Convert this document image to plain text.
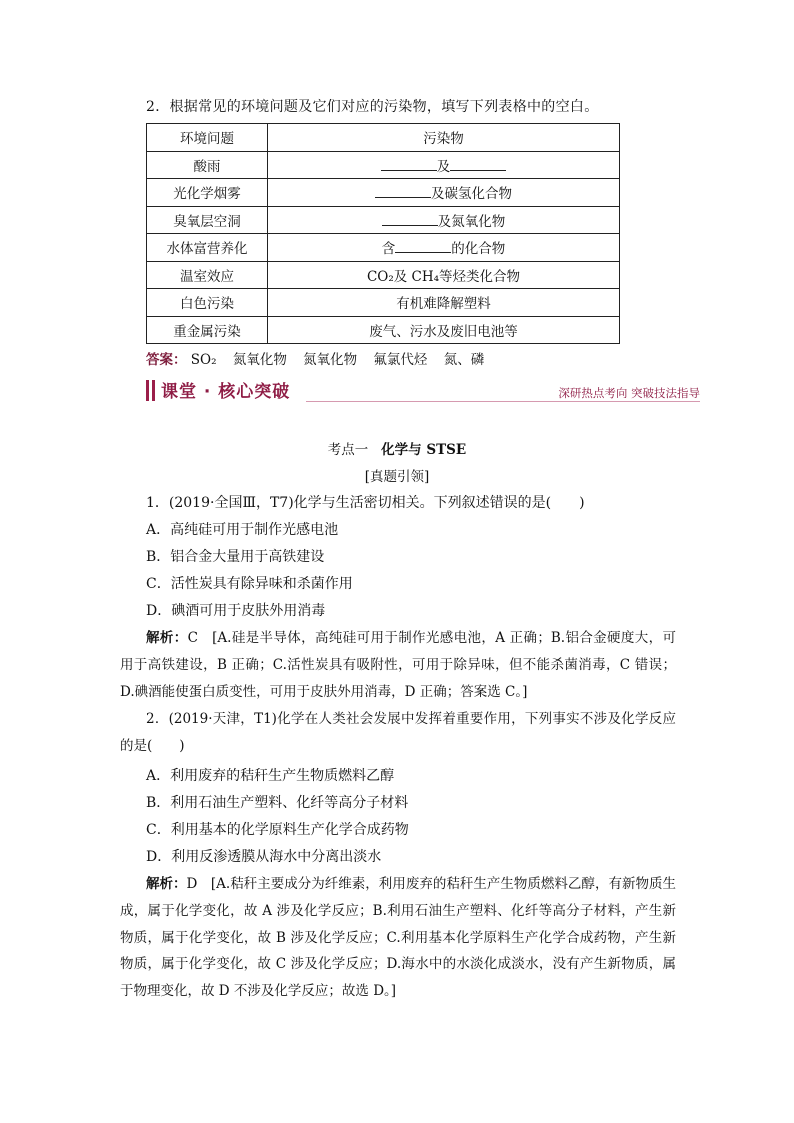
2．根据常见的环境问题及它们对应的污染物，填写下列表格中的空白。
环境问题	污染物
酸雨	及
光化学烟雾	及碳氢化合物
臭氧层空洞	及氮氧化物
水体富营养化	含 的化合物
温室效应	CO₂及 CH₄等烃类化合物
白色污染	有机难降解塑料
重金属污染	废气、污水及废旧电池等
答案： SO₂ 氮氧化物 氮氧化物 氟氯代烃 氮、磷
课堂 · 核心突破	深研热点考向 突破技法指导
考点一 化学与 STSE
[真题引领]
1．(2019·全国Ⅲ，T7)化学与生活密切相关。下列叙述错误的是(　　)
A．高纯硅可用于制作光感电池
B．铝合金大量用于高铁建设
C．活性炭具有除异味和杀菌作用
D．碘酒可用于皮肤外用消毒
解析：C　[A.硅是半导体，高纯硅可用于制作光感电池，A 正确；B.铝合金硬度大，可用于高铁建设，B 正确；C.活性炭具有吸附性，可用于除异味，但不能杀菌消毒，C 错误；D.碘酒能使蛋白质变性，可用于皮肤外用消毒，D 正确；答案选 C。]
2．(2019·天津，T1)化学在人类社会发展中发挥着重要作用，下列事实不涉及化学反应的是(　　)
A．利用废弃的秸秆生产生物质燃料乙醇
B．利用石油生产塑料、化纤等高分子材料
C．利用基本的化学原料生产化学合成药物
D．利用反渗透膜从海水中分离出淡水
解析：D　[A.秸秆主要成分为纤维素，利用废弃的秸秆生产生物质燃料乙醇，有新物质生成，属于化学变化，故 A 涉及化学反应；B.利用石油生产塑料、化纤等高分子材料，产生新物质，属于化学变化，故 B 涉及化学反应；C.利用基本化学原料生产化学合成药物，产生新物质，属于化学变化，故 C 涉及化学反应；D.海水中的水淡化成淡水，没有产生新物质，属于物理变化，故 D 不涉及化学反应；故选 D。]
